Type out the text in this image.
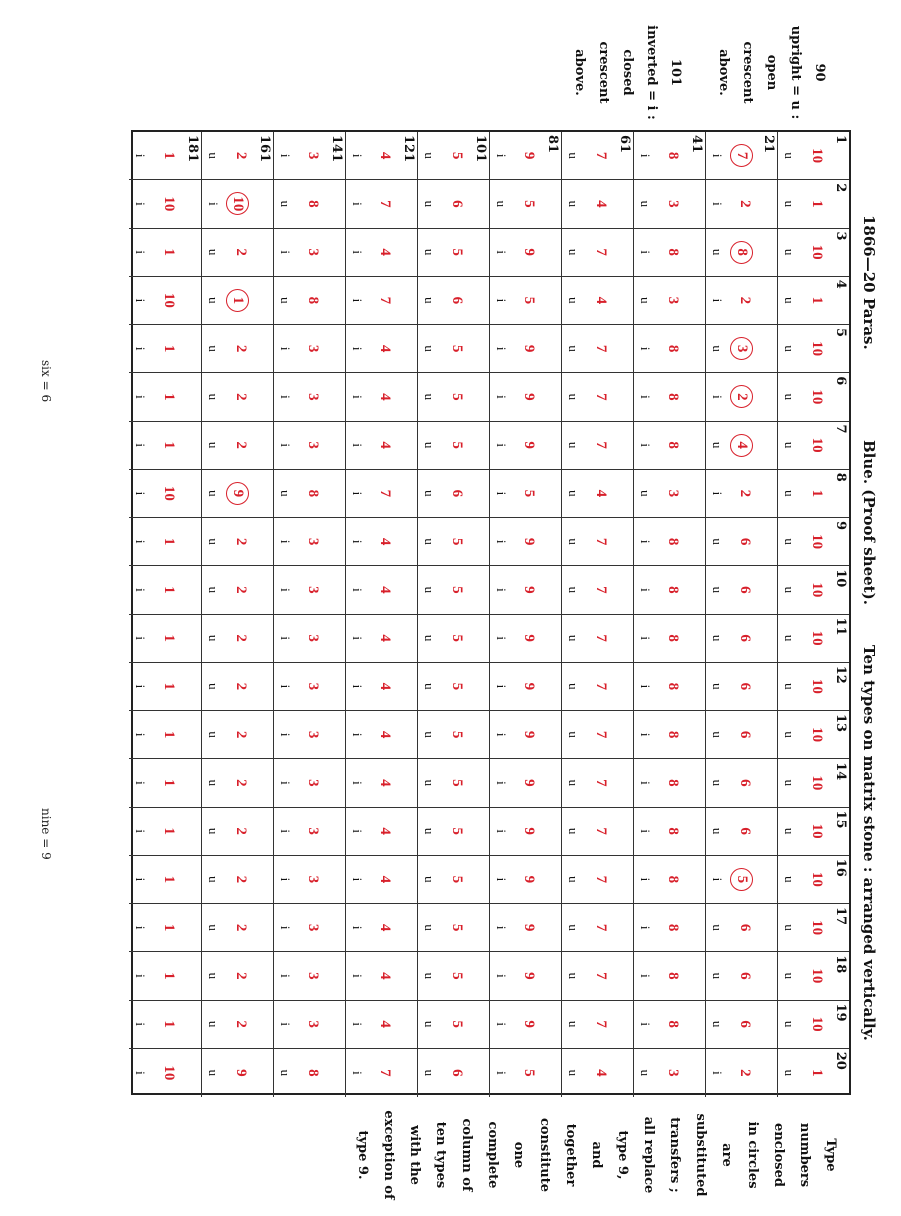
1866—20 Paras.
Blue. (Proof sheet).
Ten types on matrix stone : arranged vertically.
90
upright = u :
open
crescent
above.
101
inverted = i :
closed
crescent
above.
1
10
u
2
1
u
3
10
u
4
1
u
5
10
u
6
10
u
7
10
u
8
1
u
9
10
u
10
10
u
11
10
u
12
10
u
13
10
u
14
10
u
15
10
u
16
10
u
17
10
u
18
10
u
19
10
u
20
1
u
21
7
i
2
i
8
u
2
i
3
u
2
i
4
u
2
i
6
u
6
u
6
u
6
u
6
u
6
u
6
u
5
i
6
u
6
u
6
u
2
i
41
8
i
3
u
8
i
3
u
8
i
8
i
8
i
3
u
8
i
8
i
8
i
8
i
8
i
8
i
8
i
8
i
8
i
8
i
8
i
3
u
61
7
u
4
u
7
u
4
u
7
u
7
u
7
u
4
u
7
u
7
u
7
u
7
u
7
u
7
u
7
u
7
u
7
u
7
u
7
u
4
u
81
9
i
5
u
9
i
5
i
9
i
9
i
9
i
5
i
9
i
9
i
9
i
9
i
9
i
9
i
9
i
9
i
9
i
9
i
9
i
5
i
101
5
u
6
u
5
u
6
u
5
u
5
u
5
u
6
u
5
u
5
u
5
u
5
u
5
u
5
u
5
u
5
u
5
u
5
u
5
u
6
u
121
4
i
7
i
4
i
7
i
4
i
4
i
4
i
7
i
4
i
4
i
4
i
4
i
4
i
4
i
4
i
4
i
4
i
4
i
4
i
7
i
141
3
i
8
u
3
i
8
u
3
i
3
i
3
i
8
u
3
i
3
i
3
i
3
i
3
i
3
i
3
i
3
i
3
i
3
i
3
i
8
u
161
2
u
10
i
2
u
1
u
2
u
2
u
2
u
9
u
2
u
2
u
2
u
2
u
2
u
2
u
2
u
2
u
2
u
2
u
2
u
9
u
181
1
i
10
i
1
i
10
i
1
i
1
i
1
i
10
i
1
i
1
i
1
i
1
i
1
i
1
i
1
i
1
i
1
i
1
i
1
i
10
i
Type
numbers
enclosed
in circles
are
substituted
transfers ;
all replace
type 9,
and
together
constitute
one
complete
column of
ten types
with the
exception of
type 9.
six = 6
nine = 9
